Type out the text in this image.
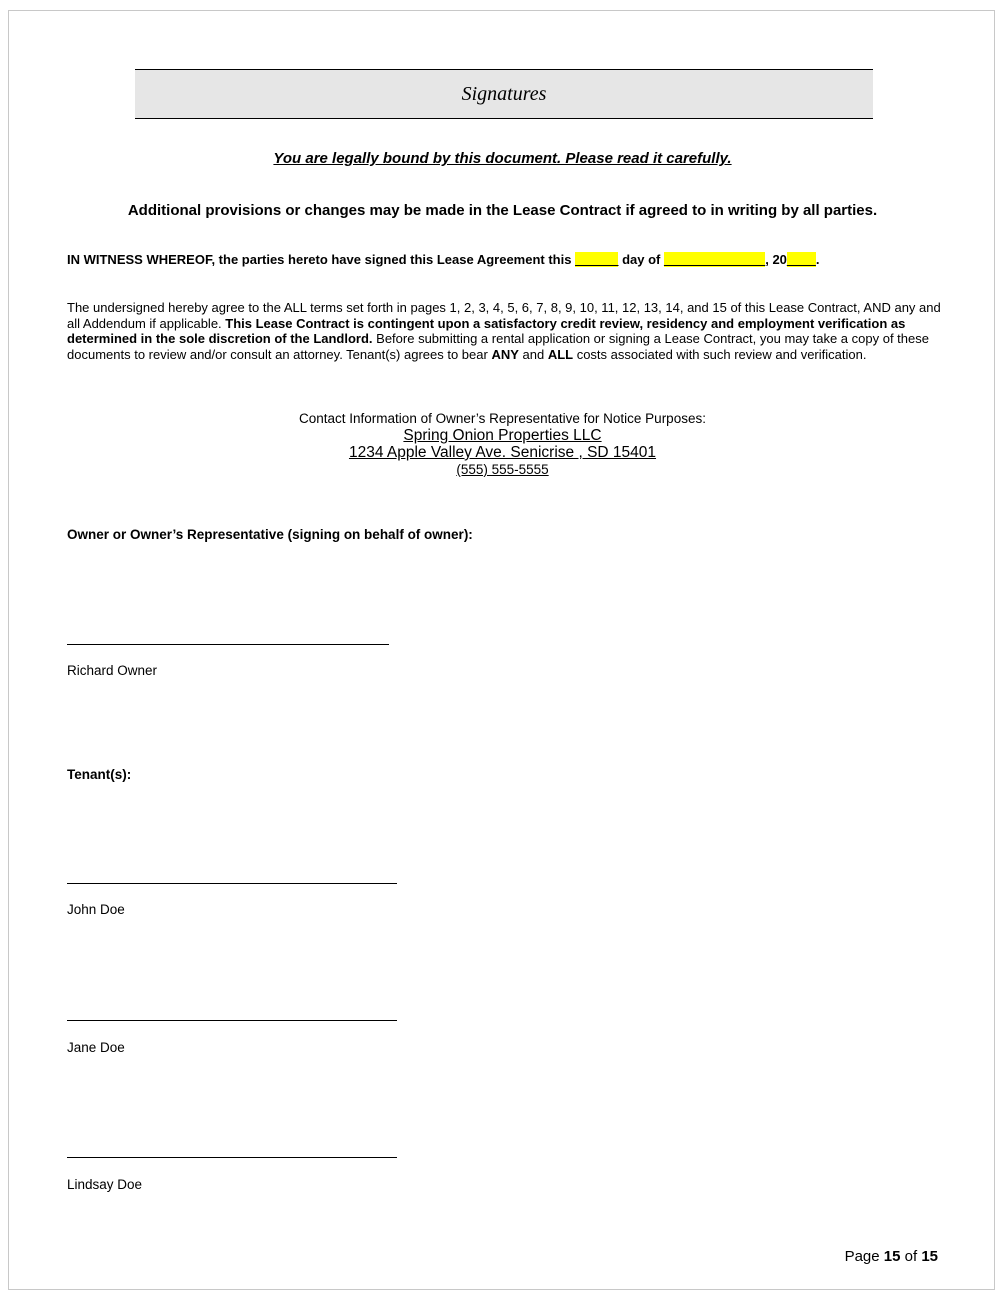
Signatures
You are legally bound by this document. Please read it carefully.
Additional provisions or changes may be made in the Lease Contract if agreed to in writing by all parties.
IN WITNESS WHEREOF, the parties hereto have signed this Lease Agreement this ______ day of ______________, 20____.
The undersigned hereby agree to the ALL terms set forth in pages 1, 2, 3, 4, 5, 6, 7, 8, 9, 10, 11, 12, 13, 14, and 15 of this Lease Contract, AND any and all Addendum if applicable. This Lease Contract is contingent upon a satisfactory credit review, residency and employment verification as determined in the sole discretion of the Landlord. Before submitting a rental application or signing a Lease Contract, you may take a copy of these documents to review and/or consult an attorney. Tenant(s) agrees to bear ANY and ALL costs associated with such review and verification.
Contact Information of Owner’s Representative for Notice Purposes:
Spring Onion Properties LLC
1234 Apple Valley Ave. Senicrise , SD 15401
(555) 555-5555
Owner or Owner’s Representative (signing on behalf of owner):
Richard Owner
Tenant(s):
John Doe
Jane Doe
Lindsay Doe
Page 15 of 15
